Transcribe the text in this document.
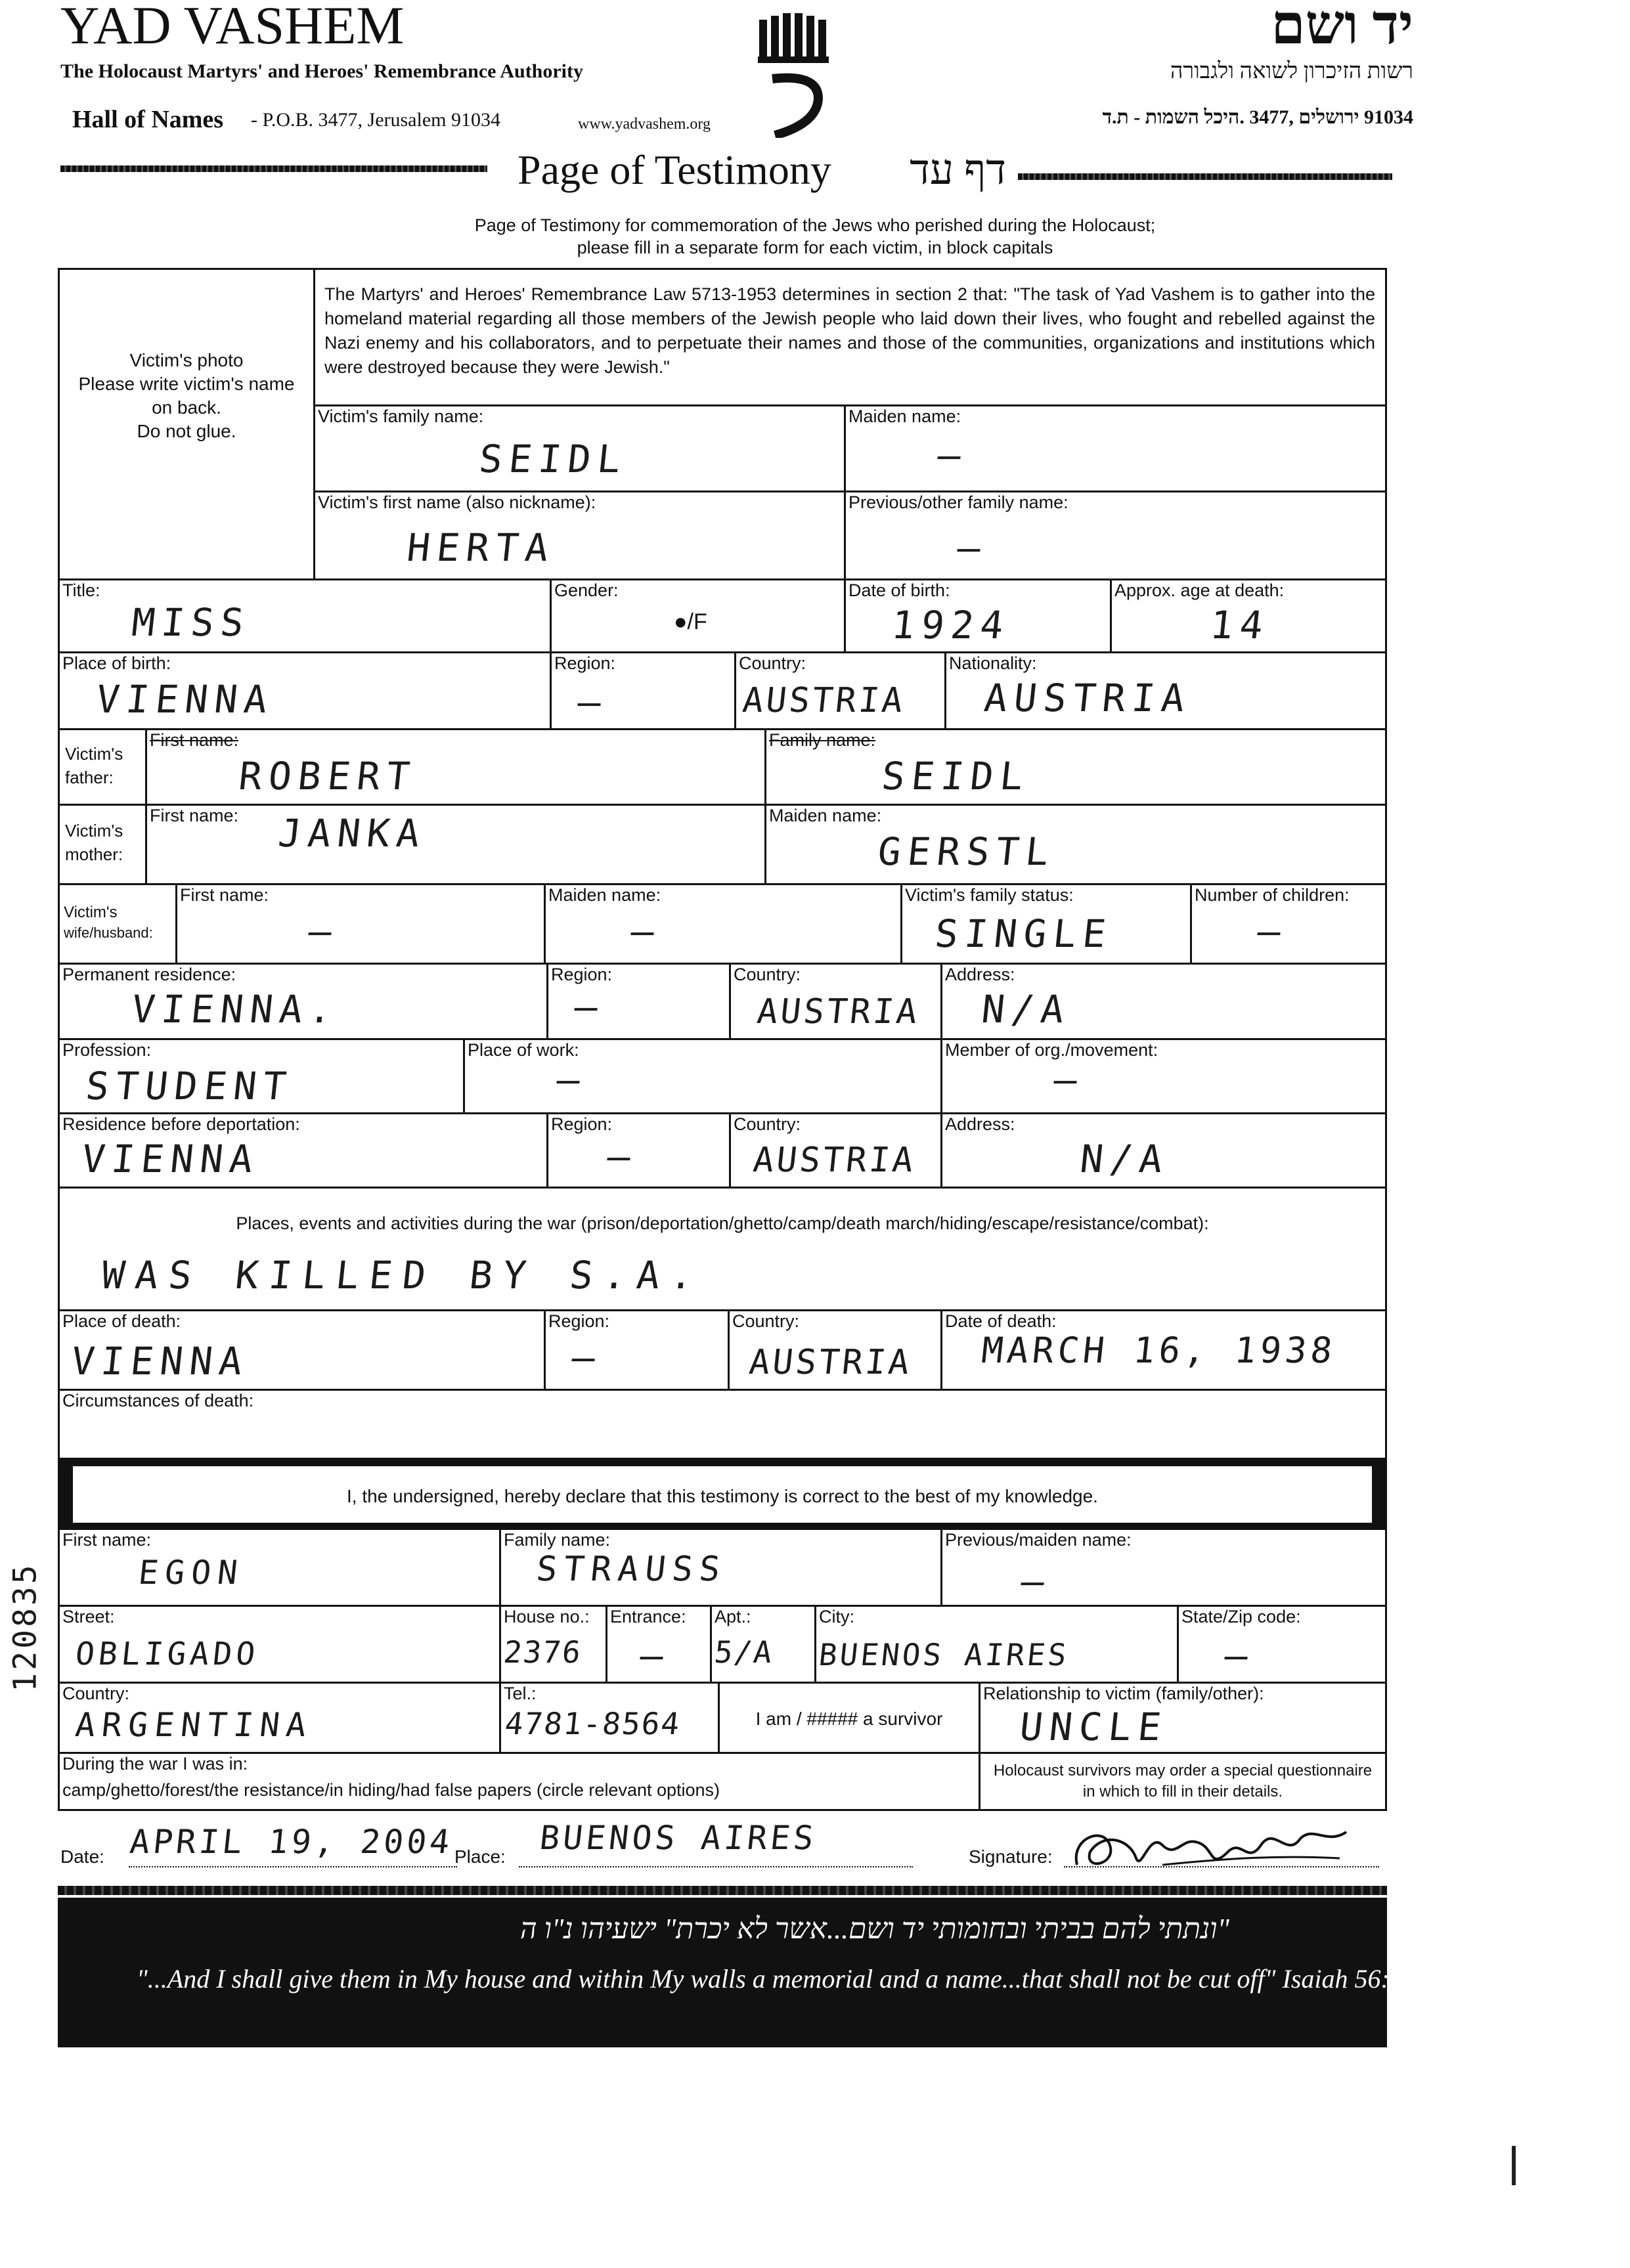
YAD VASHEM
The Holocaust Martyrs' and Heroes' Remembrance Authority
Hall of Names - P.O.B. 3477, Jerusalem 91034	www.yadvashem.org
יד ושם
רשות הזיכרון לשואה ולגבורה
91034 ירושלים ,3477 .היכל השמות - ת.ד
Page of Testimony דף עד
Page of Testimony for commemoration of the Jews who perished during the Holocaust;
please fill in a separate form for each victim, in block capitals
Victim's photo
Please write victim's name
on back.
Do not glue.
The Martyrs' and Heroes' Remembrance Law 5713-1953 determines in section 2 that: "The task of Yad Vashem is to gather into the homeland material regarding all those members of the Jewish people who laid down their lives, who fought and rebelled against the Nazi enemy and his collaborators, and to perpetuate their names and those of the communities, organizations and institutions which were destroyed because they were Jewish."
Victim's family name:
SEIDL
Maiden name:
—
Victim's first name (also nickname):
HERTA
Previous/other family name:
—
Title:
MISS
Gender:
●/F
Date of birth:
1924
Approx. age at death:
14
Place of birth:
VIENNA
Region:
—
Country:
AUSTRIA
Nationality:
AUSTRIA
Victim's
father:
First name:
ROBERT
Family name:
SEIDL
Victim's
mother:
First name: JANKA	Maiden name:
GERSTL
Victim's
wife/husband:
First name:
—
Maiden name:
—
Victim's family status:
SINGLE
Number of children:
—
Permanent residence:
VIENNA.
Region:
—
Country:
AUSTRIA
Address:
N/A
Profession:
STUDENT
Place of work:
—
Member of org./movement:
—
Residence before deportation:
VIENNA
Region:
—
Country:
AUSTRIA
Address:
N/A
Places, events and activities during the war (prison/deportation/ghetto/camp/death march/hiding/escape/resistance/combat):
WAS KILLED BY S.A.
Place of death:
VIENNA
Region:
—
Country:
AUSTRIA
Date of death:
MARCH 16, 1938
Circumstances of death:
I, the undersigned, hereby declare that this testimony is correct to the best of my knowledge.
First name:
EGON
Family name:
STRAUSS
Previous/maiden name:
—
Street:
OBLIGADO
House no.:
2376
Entrance:
—
Apt.:
5/A
City:
BUENOS AIRES
State/Zip code:
—
Country:
ARGENTINA
Tel.:
4781-8564	I am / ##### a survivor
Relationship to victim (family/other):
UNCLE
During the war I was in:
camp/ghetto/forest/the resistance/in hiding/had false papers (circle relevant options)
Holocaust survivors may order a special questionnaire in which to fill in their details.
Date: APRIL 19, 2004 Place: BUENOS AIRES	Signature:
"ונתתי להם בביתי ובחומותי יד ושם...אשר לא יכרת" ישעיהו נ"ו ה
"...And I shall give them in My house and within My walls a memorial and a name...that shall not be cut off" Isaiah 56:5
120835
